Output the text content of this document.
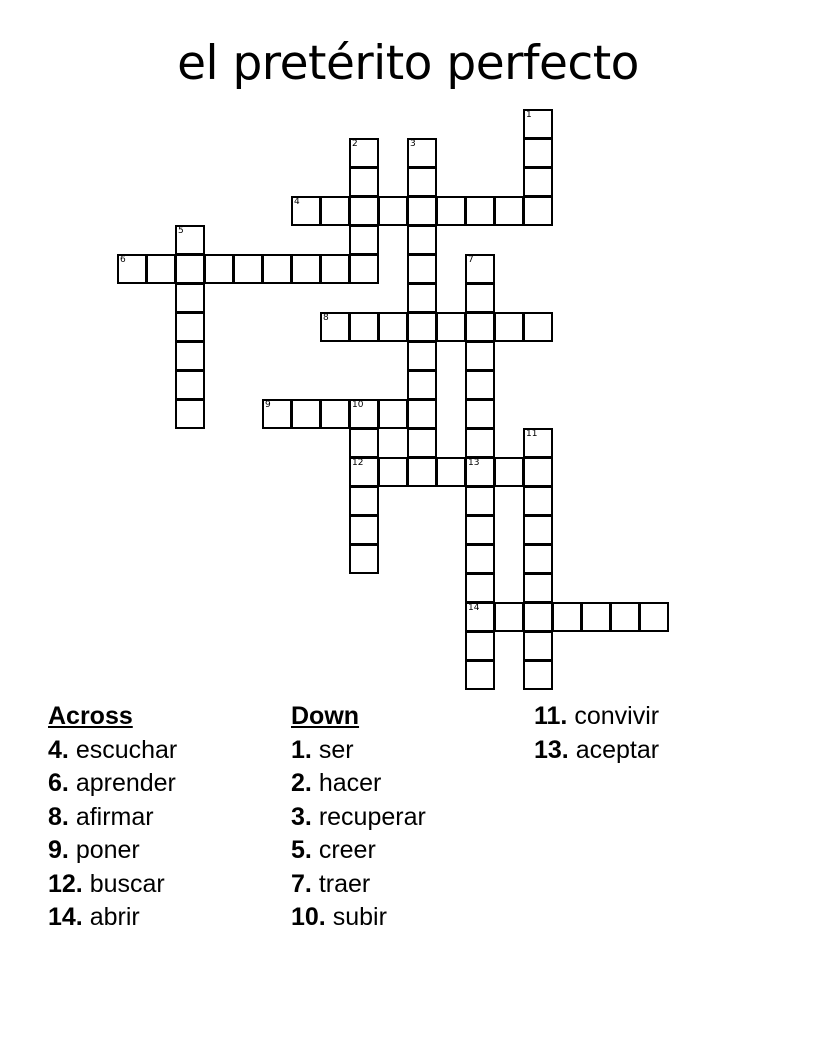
el pretérito perfecto
1
2	3
4
5
6	7
8
9	10
12
11
13
14
Across
4. escuchar
6. aprender
8. afirmar
9. poner
12. buscar
14. abrir
Down
1. ser
2. hacer
3. recuperar
5. creer
7. traer
10. subir
11. convivir
13. aceptar
